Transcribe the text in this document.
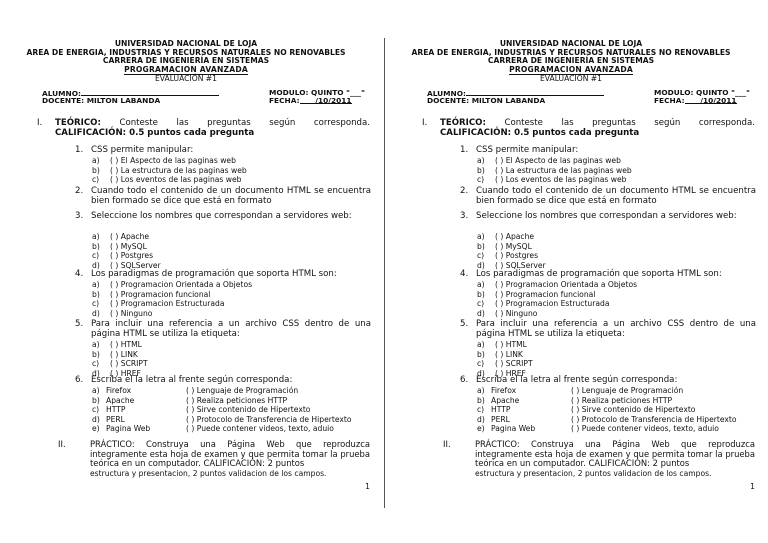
UNIVERSIDAD NACIONAL DE LOJA
AREA DE ENERGIA, INDUSTRIAS Y RECURSOS NATURALES NO RENOVABLES
CARRERA DE INGENIERÍA EN SISTEMAS
PROGRAMACION AVANZADA
EVALUACIÓN #1
ALUMNO:
DOCENTE: MILTON LABANDA
MODULO: QUINTO "___"
FECHA: /10/2011
I. TEÓRICO: Conteste las preguntas según corresponda.
CALIFICACIÓN: 0.5 puntos cada pregunta
1. CSS permite manipular:
a) ( ) El Aspecto de las paginas web
b) ( ) La estructura de las paginas web
c) ( ) Los eventos de las paginas web
2. Cuando todo el contenido de un documento HTML se encuentra bien formado se dice que está en formato
3. Seleccione los nombres que correspondan a servidores web:
a) ( ) Apache
b) ( ) MySQL
c) ( ) Postgres
d) ( ) SQLServer
4. Los paradigmas de programación que soporta HTML son:
a) ( ) Programacion Orientada a Objetos
b) ( ) Programacion funcional
c) ( ) Programacion Estructurada
d) ( ) Ninguno
5. Para incluir una referencia a un archivo CSS dentro de una página HTML se utiliza la etiqueta:
a) ( ) HTML
b) ( ) LINK
c) ( ) SCRIPT
d) ( ) HREF
6. Escriba el la letra al frente según corresponda:
a) Firefox	( ) Lenguaje de Programación
b) Apache	( ) Realiza peticiones HTTP
c) HTTP	( ) Sirve contenido de Hipertexto
d) PERL	( ) Protocolo de Transferencia de Hipertexto
e) Pagina Web	( ) Puede contener videos, texto, aduio
II.	PRÁCTICO: Construya una Página Web que reproduzca integramente esta hoja de examen y que permita tomar la prueba teórica en un computador. CALIFICACIÓN: 2 puntos
estructura y presentacion, 2 puntos validacion de los campos.
1
UNIVERSIDAD NACIONAL DE LOJA
AREA DE ENERGIA, INDUSTRIAS Y RECURSOS NATURALES NO RENOVABLES
CARRERA DE INGENIERÍA EN SISTEMAS
PROGRAMACION AVANZADA
EVALUACIÓN #1
ALUMNO:
DOCENTE: MILTON LABANDA
MODULO: QUINTO "___"
FECHA: /10/2011
I. TEÓRICO: Conteste las preguntas según corresponda.
CALIFICACIÓN: 0.5 puntos cada pregunta
1. CSS permite manipular:
a) ( ) El Aspecto de las paginas web
b) ( ) La estructura de las paginas web
c) ( ) Los eventos de las paginas web
2. Cuando todo el contenido de un documento HTML se encuentra bien formado se dice que está en formato
3. Seleccione los nombres que correspondan a servidores web:
a) ( ) Apache
b) ( ) MySQL
c) ( ) Postgres
d) ( ) SQLServer
4. Los paradigmas de programación que soporta HTML son:
a) ( ) Programacion Orientada a Objetos
b) ( ) Programacion funcional
c) ( ) Programacion Estructurada
d) ( ) Ninguno
5. Para incluir una referencia a un archivo CSS dentro de una página HTML se utiliza la etiqueta:
a) ( ) HTML
b) ( ) LINK
c) ( ) SCRIPT
d) ( ) HREF
6. Escriba el la letra al frente según corresponda:
a) Firefox	( ) Lenguaje de Programación
b) Apache	( ) Realiza peticiones HTTP
c) HTTP	( ) Sirve contenido de Hipertexto
d) PERL	( ) Protocolo de Transferencia de Hipertexto
e) Pagina Web	( ) Puede contener videos, texto, aduio
II.	PRÁCTICO: Construya una Página Web que reproduzca integramente esta hoja de examen y que permita tomar la prueba teórica en un computador. CALIFICACIÓN: 2 puntos
estructura y presentacion, 2 puntos validacion de los campos.
1
